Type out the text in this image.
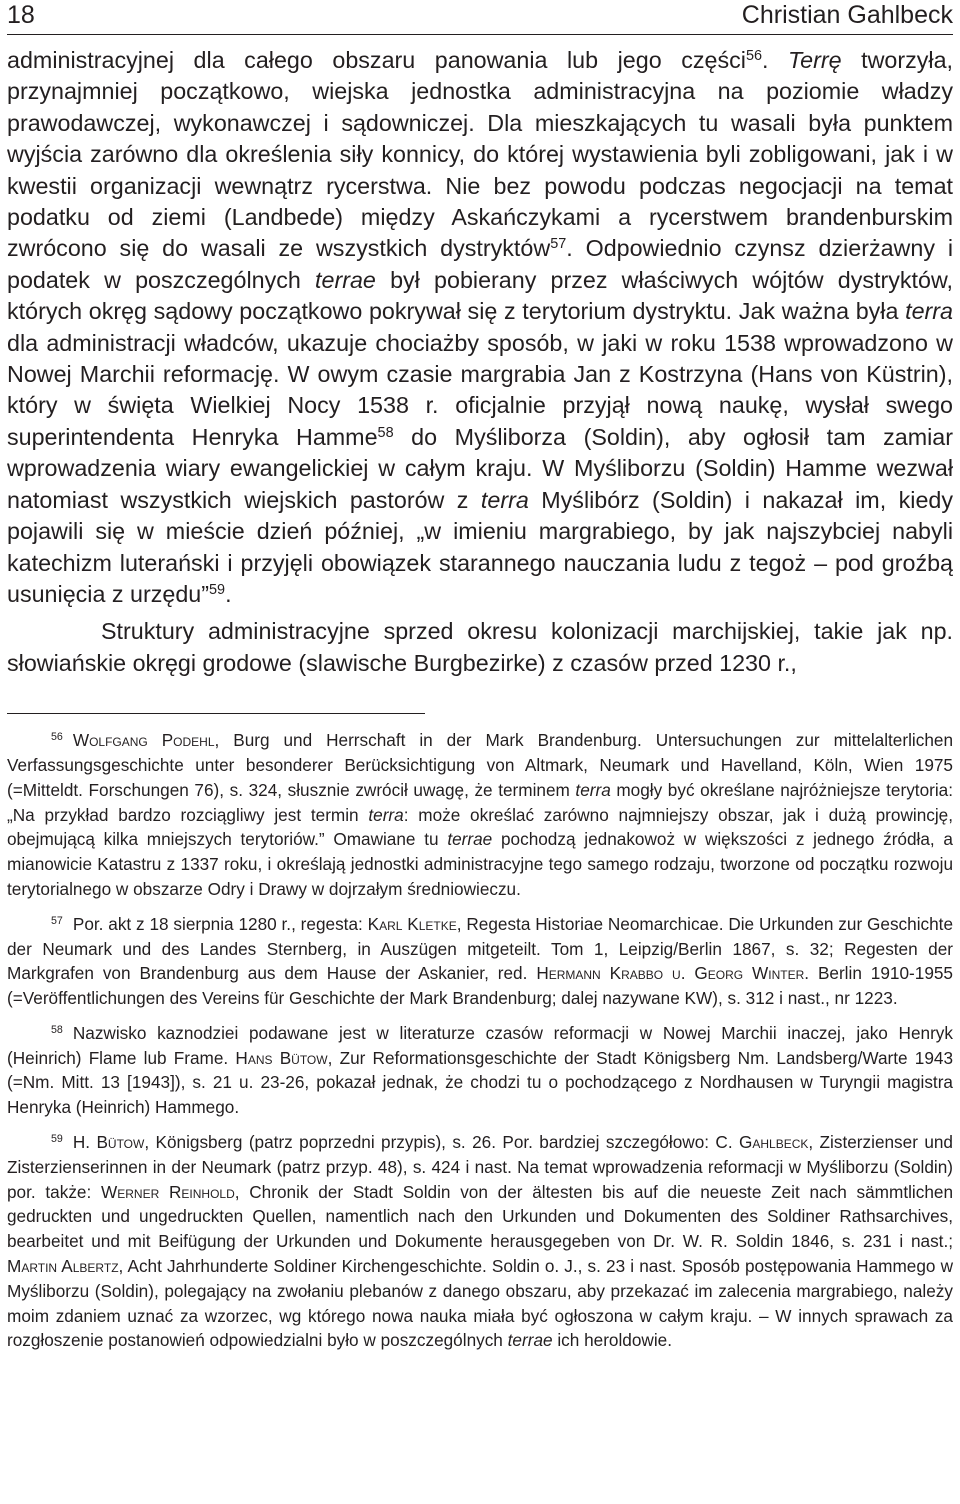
18	Christian Gahlbeck

administracyjnej dla całego obszaru panowania lub jego części$^{56}$. Terrę tworzyła, przynajmniej początkowo, wiejska jednostka administracyjna na poziomie władzy prawodawczej, wykonawczej i sądowniczej. Dla mieszkających tu wasali była punktem wyjścia zarówno dla określenia siły konnicy, do której wystawienia byli zobligowani, jak i w kwestii organizacji wewnątrz rycerstwa. Nie bez powodu podczas negocjacji na temat podatku od ziemi (Landbede) między Askańczykami a rycerstwem brandenburskim zwrócono się do wasali ze wszystkich dystryktów$^{57}$. Odpowiednio czynsz dzierżawny i podatek w poszczególnych terrae był pobierany przez właściwych wójtów dystryktów, których okręg sądowy początkowo pokrywał się z terytorium dystryktu. Jak ważna była terra dla administracji władców, ukazuje chociażby sposób, w jaki w roku 1538 wprowadzono w Nowej Marchii reformację. W owym czasie margrabia Jan z Kostrzyna (Hans von Küstrin), który w święta Wielkiej Nocy 1538 r. oficjalnie przyjął nową naukę, wysłał swego superintendenta Henryka Hamme$^{58}$ do Myśliborza (Soldin), aby ogłosił tam zamiar wprowadzenia wiary ewangelickiej w całym kraju. W Myśliborzu (Soldin) Hamme wezwał natomiast wszystkich wiejskich pastorów z terra Myślibórz (Soldin) i nakazał im, kiedy pojawili się w mieście dzień później, „w imieniu margrabiego, by jak najszybciej nabyli katechizm luterański i przyjęli obowiązek starannego nauczania ludu z tegoż – pod groźbą usunięcia z urzędu”$^{59}$.

Struktury administracyjne sprzed okresu kolonizacji marchijskiej, takie jak np. słowiańskie okręgi grodowe (slawische Burgbezirke) z czasów przed 1230 r.,

$^{56}$ Wolfgang Podehl, Burg und Herrschaft in der Mark Brandenburg. Untersuchungen zur mittelalterlichen Verfassungsgeschichte unter besonderer Berücksichtigung von Altmark, Neumark und Havelland, Köln, Wien 1975 (=Mitteldt. Forschungen 76), s. 324, słusznie zwrócił uwagę, że terminem terra mogły być określane najróżniejsze terytoria: „Na przykład bardzo rozciągliwy jest termin terra: może określać zarówno najmniejszy obszar, jak i dużą prowincję, obejmującą kilka mniejszych terytoriów.” Omawiane tu terrae pochodzą jednakowoż w większości z jednego źródła, a mianowicie Katastru z 1337 roku, i określają jednostki administracyjne tego samego rodzaju, tworzone od początku rozwoju terytorialnego w obszarze Odry i Drawy w dojrzałym średniowieczu.

$^{57}$ Por. akt z 18 sierpnia 1280 r., regesta: Karl Kletke, Regesta Historiae Neomarchicae. Die Urkunden zur Geschichte der Neumark und des Landes Sternberg, in Auszügen mitgeteilt. Tom 1, Leipzig/Berlin 1867, s. 32; Regesten der Markgrafen von Brandenburg aus dem Hause der Askanier, red. Hermann Krabbo u. Georg Winter. Berlin 1910-1955 (=Veröffentlichungen des Vereins für Geschichte der Mark Brandenburg; dalej nazywane KW), s. 312 i nast., nr 1223.

$^{58}$ Nazwisko kaznodziei podawane jest w literaturze czasów reformacji w Nowej Marchii inaczej, jako Henryk (Heinrich) Flame lub Frame. Hans Bütow, Zur Reformationsgeschichte der Stadt Königsberg Nm. Landsberg/Warte 1943 (=Nm. Mitt. 13 [1943]), s. 21 u. 23-26, pokazał jednak, że chodzi tu o pochodzącego z Nordhausen w Turyngii magistra Henryka (Heinrich) Hammego.

$^{59}$ H. Bütow, Königsberg (patrz poprzedni przypis), s. 26. Por. bardziej szczegółowo: C. Gahlbeck, Zisterzienser und Zisterzienserinnen in der Neumark (patrz przyp. 48), s. 424 i nast. Na temat wprowadzenia reformacji w Myśliborzu (Soldin) por. także: Werner Reinhold, Chronik der Stadt Soldin von der ältesten bis auf die neueste Zeit nach sämmtlichen gedruckten und ungedruckten Quellen, namentlich nach den Urkunden und Dokumenten des Soldiner Rathsarchives, bearbeitet und mit Beifügung der Urkunden und Dokumente herausgegeben von Dr. W. R. Soldin 1846, s. 231 i nast.; Martin Albertz, Acht Jahrhunderte Soldiner Kirchengeschichte. Soldin o. J., s. 23 i nast. Sposób postępowania Hammego w Myśliborzu (Soldin), polegający na zwołaniu plebanów z danego obszaru, aby przekazać im zalecenia margrabiego, należy moim zdaniem uznać za wzorzec, wg którego nowa nauka miała być ogłoszona w całym kraju. – W innych sprawach za rozgłoszenie postanowień odpowiedzialni było w poszczególnych terrae ich heroldowie.
